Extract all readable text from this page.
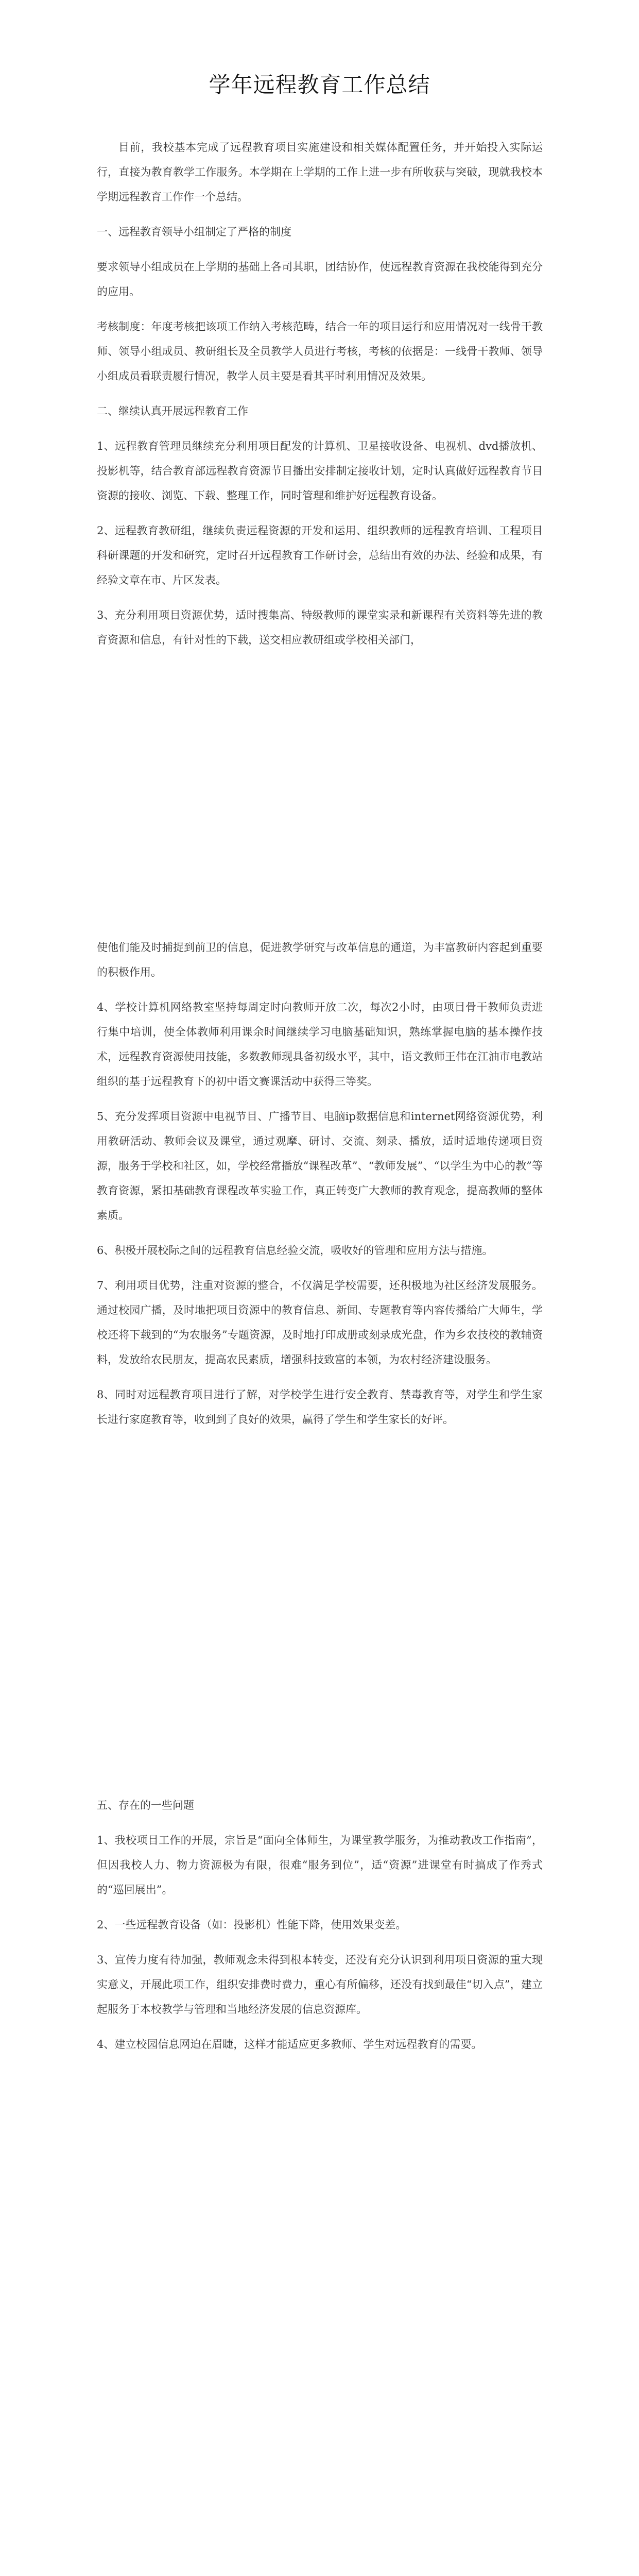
学年远程教育工作总结

目前，我校基本完成了远程教育项目实施建设和相关媒体配置任务，并开始投入实际运行，直接为教育教学工作服务。本学期在上学期的工作上进一步有所收获与突破，现就我校本学期远程教育工作作一个总结。

一、远程教育领导小组制定了严格的制度

要求领导小组成员在上学期的基础上各司其职，团结协作，使远程教育资源在我校能得到充分的应用。

考核制度：年度考核把该项工作纳入考核范畴，结合一年的项目运行和应用情况对一线骨干教师、领导小组成员、教研组长及全员教学人员进行考核，考核的依据是：一线骨干教师、领导小组成员看联责履行情况，教学人员主要是看其平时利用情况及效果。

二、继续认真开展远程教育工作

1、远程教育管理员继续充分利用项目配发的计算机、卫星接收设备、电视机、dvd播放机、投影机等，结合教育部远程教育资源节目播出安排制定接收计划，定时认真做好远程教育节目资源的接收、浏览、下载、整理工作，同时管理和维护好远程教育设备。

2、远程教育教研组，继续负责远程资源的开发和运用、组织教师的远程教育培训、工程项目科研课题的开发和研究，定时召开远程教育工作研讨会，总结出有效的办法、经验和成果，有经验文章在市、片区发表。

3、充分利用项目资源优势，适时搜集高、特级教师的课堂实录和新课程有关资料等先进的教育资源和信息，有针对性的下载，送交相应教研组或学校相关部门，

使他们能及时捕捉到前卫的信息，促进教学研究与改革信息的通道，为丰富教研内容起到重要的积极作用。

4、学校计算机网络教室坚持每周定时向教师开放二次，每次2小时，由项目骨干教师负责进行集中培训，使全体教师利用课余时间继续学习电脑基础知识，熟练掌握电脑的基本操作技术，远程教育资源使用技能，多数教师现具备初级水平，其中，语文教师王伟在江油市电教站组织的基于远程教育下的初中语文赛课活动中获得三等奖。

5、充分发挥项目资源中电视节目、广播节目、电脑ip数据信息和internet网络资源优势，利用教研活动、教师会议及课堂，通过观摩、研讨、交流、刻录、播放，适时适地传递项目资源，服务于学校和社区，如，学校经常播放“课程改革”、“教师发展”、“以学生为中心的教”等教育资源，紧扣基础教育课程改革实验工作，真正转变广大教师的教育观念，提高教师的整体素质。

6、积极开展校际之间的远程教育信息经验交流，吸收好的管理和应用方法与措施。

7、利用项目优势，注重对资源的整合，不仅满足学校需要，还积极地为社区经济发展服务。通过校园广播，及时地把项目资源中的教育信息、新闻、专题教育等内容传播给广大师生，学校还将下载到的“为农服务”专题资源，及时地打印成册或刻录成光盘，作为乡农技校的教辅资料，发放给农民朋友，提高农民素质，增强科技致富的本领，为农村经济建设服务。

8、同时对远程教育项目进行了解，对学校学生进行安全教育、禁毒教育等，对学生和学生家长进行家庭教育等，收到到了良好的效果，赢得了学生和学生家长的好评。

五、存在的一些问题

1、我校项目工作的开展，宗旨是“面向全体师生，为课堂教学服务，为推动教改工作指南”，但因我校人力、物力资源极为有限，很难“服务到位”，适“资源”进课堂有时搞成了作秀式的“巡回展出”。

2、一些远程教育设备（如：投影机）性能下降，使用效果变差。

3、宣传力度有待加强，教师观念未得到根本转变，还没有充分认识到利用项目资源的重大现实意义，开展此项工作，组织安排费时费力，重心有所偏移，还没有找到最佳“切入点”，建立起服务于本校教学与管理和当地经济发展的信息资源库。

4、建立校园信息网迫在眉睫，这样才能适应更多教师、学生对远程教育的需要。
